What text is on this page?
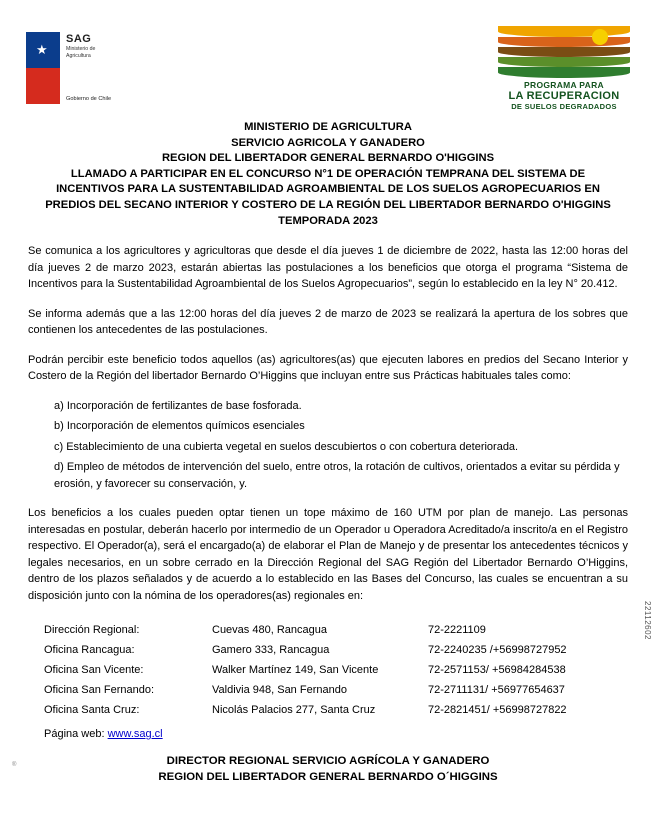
★
SAG
Ministerio de
Agricultura
Gobierno de Chile
PROGRAMA PARA
LA RECUPERACION
DE SUELOS DEGRADADOS
MINISTERIO DE AGRICULTURA
SERVICIO AGRICOLA Y GANADERO
REGION DEL LIBERTADOR GENERAL BERNARDO O'HIGGINS
LLAMADO A PARTICIPAR EN EL CONCURSO N°1 DE OPERACIÓN TEMPRANA DEL SISTEMA DE
INCENTIVOS PARA LA SUSTENTABILIDAD AGROAMBIENTAL DE LOS SUELOS AGROPECUARIOS EN
PREDIOS DEL SECANO INTERIOR Y COSTERO DE LA REGIÓN DEL LIBERTADOR BERNARDO O'HIGGINS
TEMPORADA 2023

Se comunica a los agricultores y agricultoras que desde el día jueves 1 de diciembre de 2022, hasta las 12:00 horas del día jueves 2 de marzo 2023, estarán abiertas las postulaciones a los beneficios que otorga el programa “Sistema de Incentivos para la Sustentabilidad Agroambiental de los Suelos Agropecuarios”, según lo establecido en la ley N° 20.412.

Se informa además que a las 12:00 horas del día jueves 2 de marzo de 2023 se realizará la apertura de los sobres que contienen los antecedentes de las postulaciones.

Podrán percibir este beneficio todos aquellos (as) agricultores(as) que ejecuten labores en predios del Secano Interior y Costero de la Región del libertador Bernardo O’Higgins que incluyan entre sus Prácticas habituales tales como:

a) Incorporación de fertilizantes de base fosforada.

b) Incorporación de elementos químicos esenciales

c) Establecimiento de una cubierta vegetal en suelos descubiertos o con cobertura deteriorada.

d) Empleo de métodos de intervención del suelo, entre otros, la rotación de cultivos, orientados a evitar su pérdida y erosión, y favorecer su conservación, y.

Los beneficios a los cuales pueden optar tienen un tope máximo de 160 UTM por plan de manejo. Las personas interesadas en postular, deberán hacerlo por intermedio de un Operador u Operadora Acreditado/a inscrito/a en el Registro respectivo. El Operador(a), será el encargado(a) de elaborar el Plan de Manejo y de presentar los antecedentes técnicos y legales necesarios, en un sobre cerrado en la Dirección Regional del SAG Región del Libertador Bernardo O’Higgins, dentro de los plazos señalados y de acuerdo a lo establecido en las Bases del Concurso, las cuales se encuentran a su disposición junto con la nómina de los operadores(as) regionales en:

Dirección Regional:	Cuevas 480, Rancagua	72-2221109
Oficina Rancagua:	Gamero 333, Rancagua	72-2240235 /+56998727952
Oficina San Vicente:	Walker Martínez 149, San Vicente	72-2571153/ +56984284538
Oficina San Fernando:	Valdivia 948, San Fernando	72-2711131/ +56977654637
Oficina Santa Cruz:	Nicolás Palacios 277, Santa Cruz	72-2821451/ +56998727822
Página web: www.sag.cl
DIRECTOR REGIONAL SERVICIO AGRÍCOLA Y GANADERO
REGION DEL LIBERTADOR GENERAL BERNARDO O´HIGGINS
22112602
®
